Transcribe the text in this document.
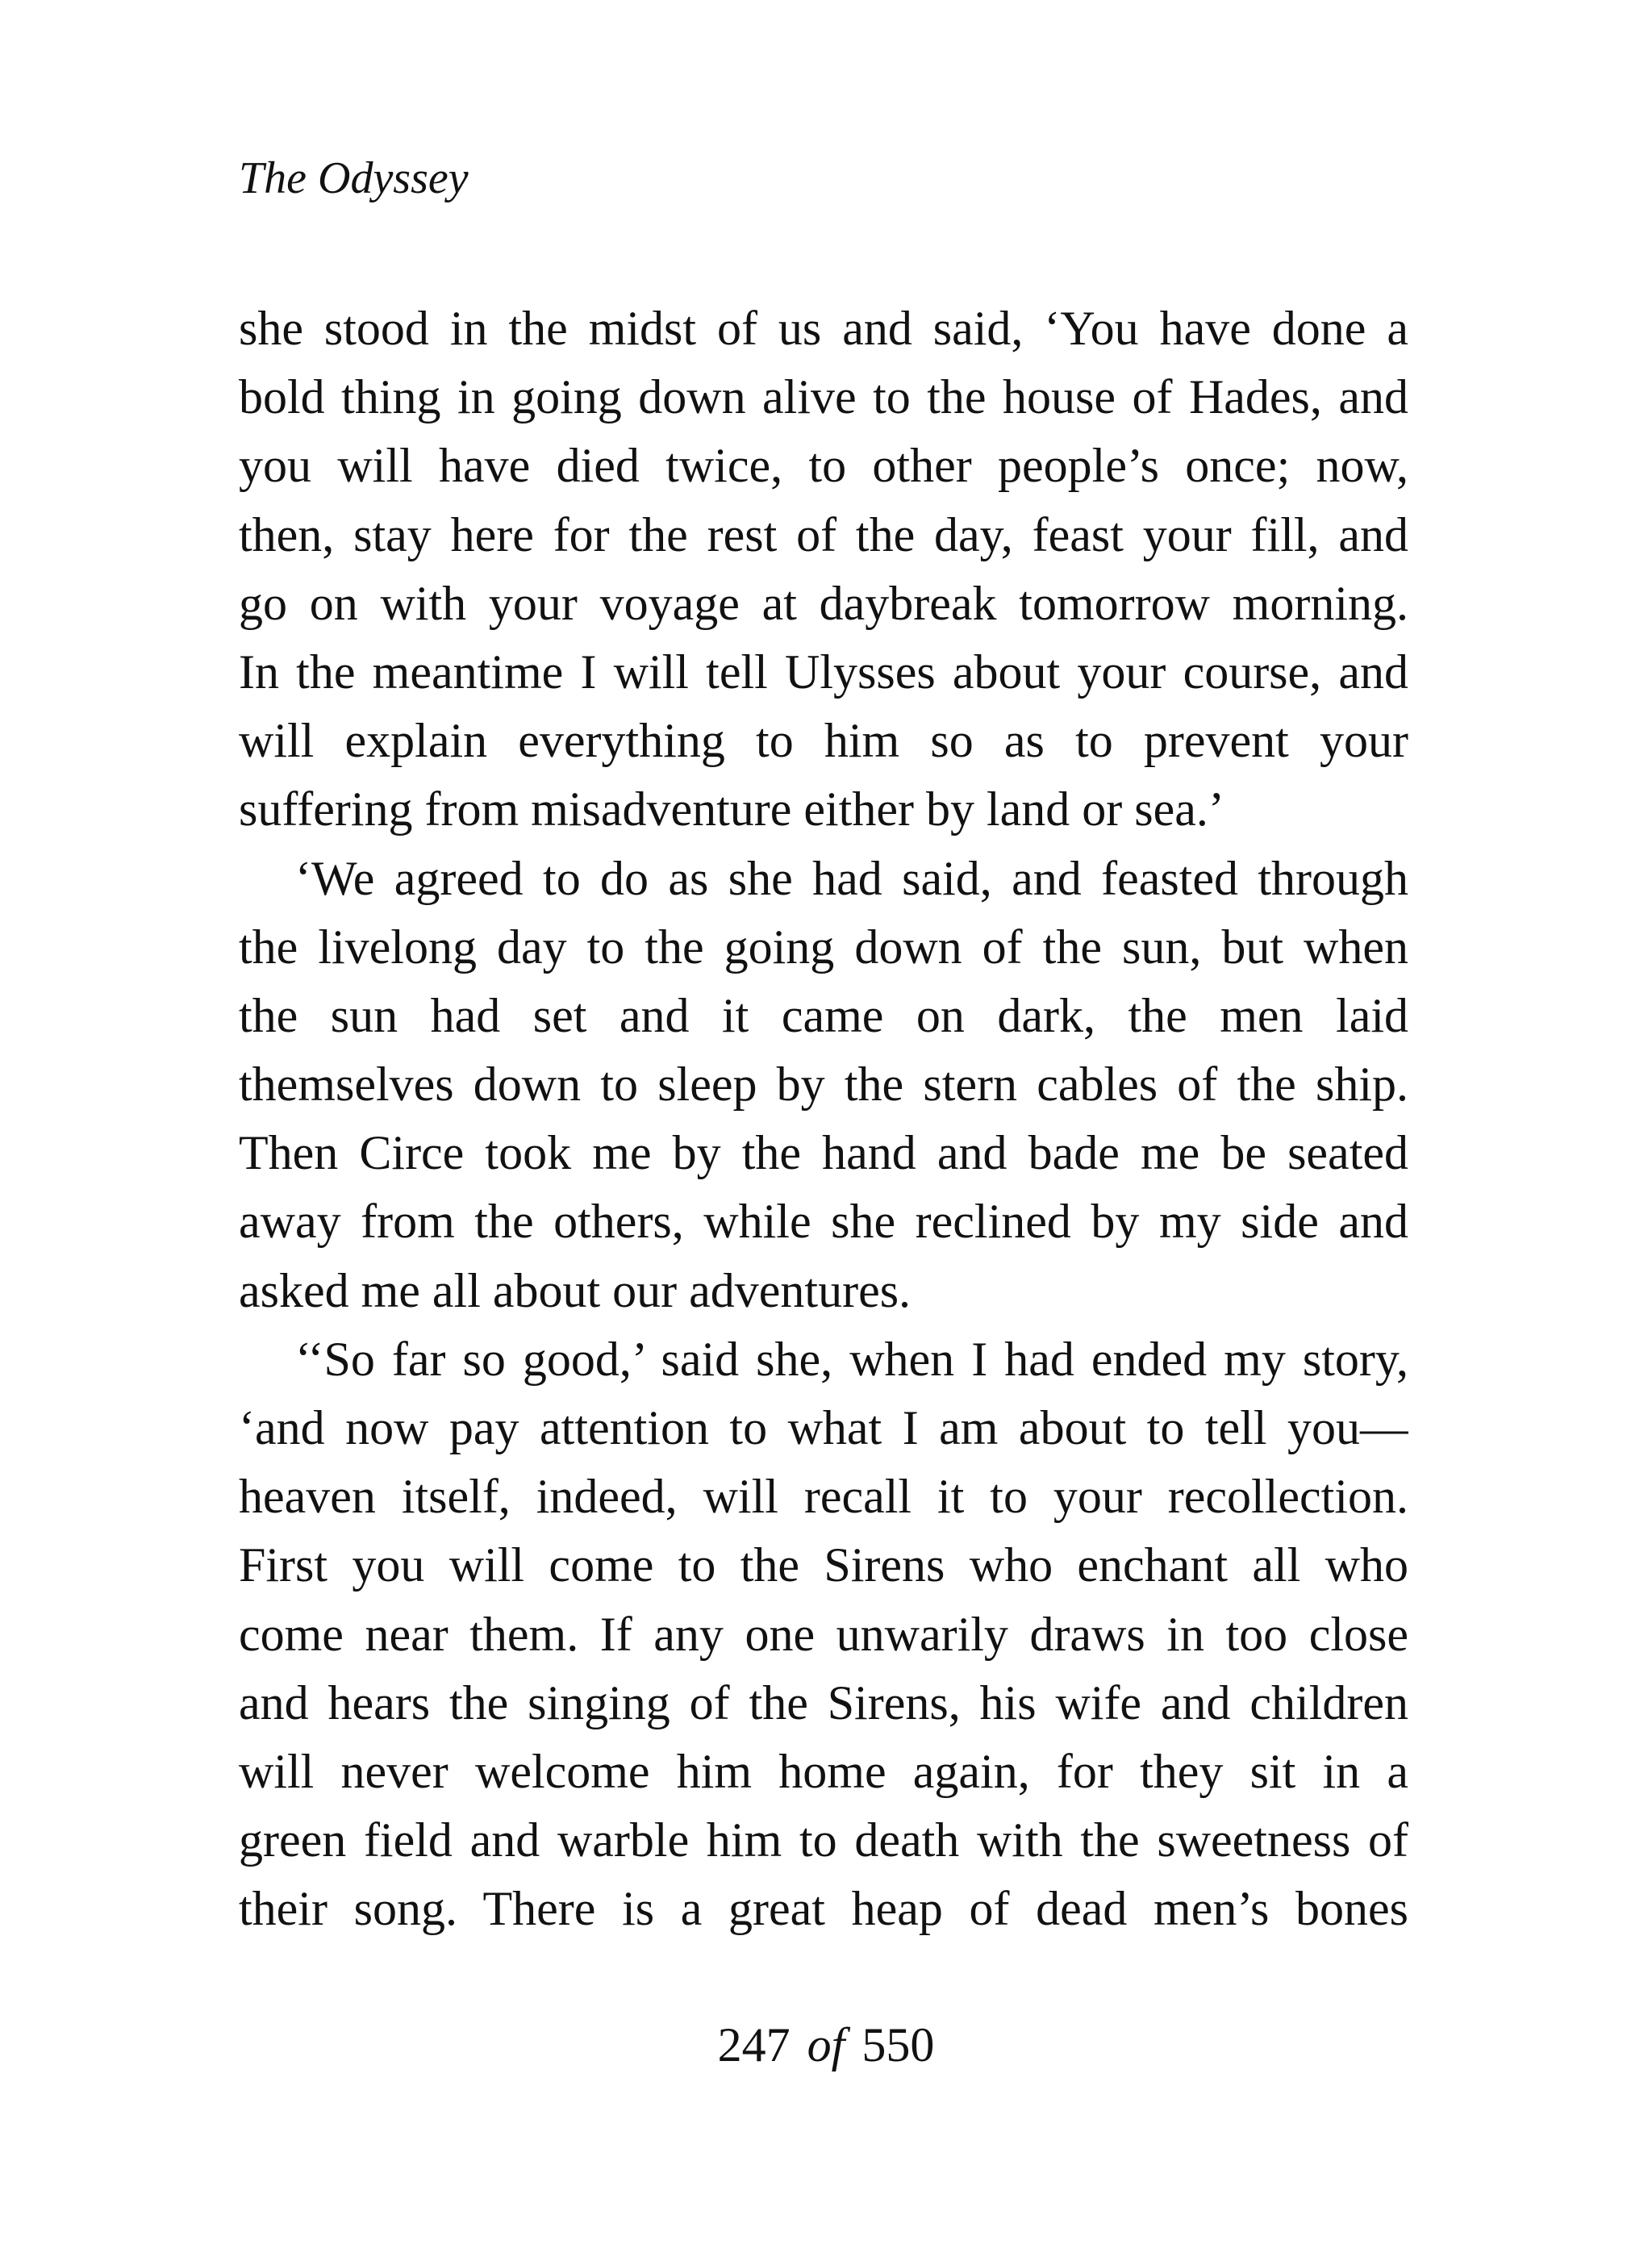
The Odyssey
she stood in the midst of us and said, ‘You have done a
bold thing in going down alive to the house of Hades, and
you will have died twice, to other people’s once; now,
then, stay here for the rest of the day, feast your fill, and
go on with your voyage at daybreak tomorrow morning.
In the meantime I will tell Ulysses about your course, and
will explain everything to him so as to prevent your
suffering from misadventure either by land or sea.’
‘We agreed to do as she had said, and feasted through
the livelong day to the going down of the sun, but when
the sun had set and it came on dark, the men laid
themselves down to sleep by the stern cables of the ship.
Then Circe took me by the hand and bade me be seated
away from the others, while she reclined by my side and
asked me all about our adventures.
‘‘So far so good,’ said she, when I had ended my story,
‘and now pay attention to what I am about to tell you—
heaven itself, indeed, will recall it to your recollection.
First you will come to the Sirens who enchant all who
come near them. If any one unwarily draws in too close
and hears the singing of the Sirens, his wife and children
will never welcome him home again, for they sit in a
green field and warble him to death with the sweetness of
their song. There is a great heap of dead men’s bones
247 of 550
